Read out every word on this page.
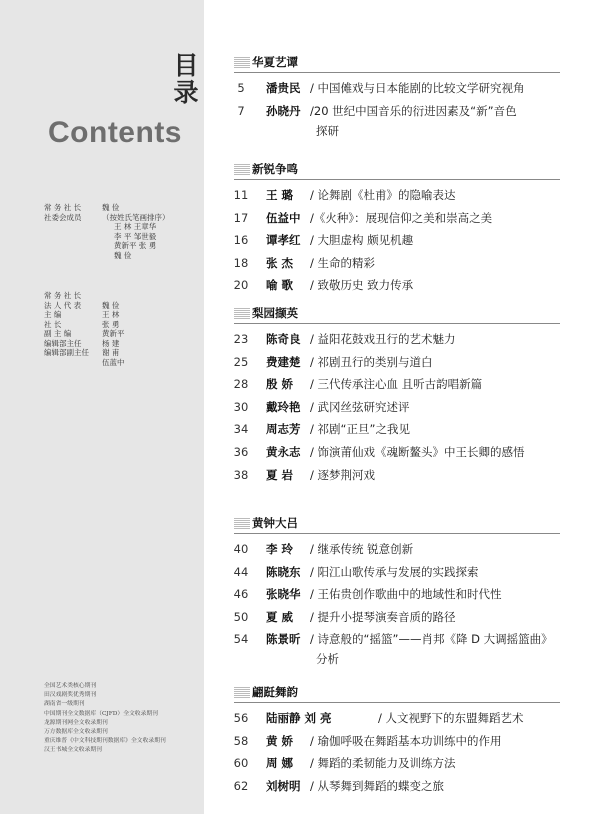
目录
Contents
常 务 社 长	魏 俭
社委会成员	（按姓氏笔画排序）
王 林 王章华
李 平 邹世毅
黄新平 张 勇
魏 俭
常 务 社 长
法 人 代 表	魏 俭
主 编	王 林
社 长	张 勇
副 主 编	黄新平
编辑部主任	杨 建
编辑部副主任 谢 甫
伍蓝中
全国艺术类核心期刊
田汉戏剧奖优秀期刊
湖南省一级期刊
中国期刊全文数据库（CJFD）全文收录期刊
龙源期刊网全文收录期刊
万方数据库全文收录期刊
重庆维普《中文科技期刊数据库》全文收录期刊
汉王书城全文收录期刊
华夏艺谭
5	潘贵民 / 中国傩戏与日本能剧的比较文学研究视角
7	孙晓丹 /20 世纪中国音乐的衍进因素及“新”音色
探研
新锐争鸣
11	王 璐 / 论舞剧《杜甫》的隐喻表达
17	伍益中 /《火种》：展现信仰之美和崇高之美
16	谭孝红 / 大胆虚构 颇见机趣
18	张 杰 / 生命的精彩
20	喻 歌 / 致敬历史 致力传承
梨园撷英
23	陈奇良 / 益阳花鼓戏丑行的艺术魅力
25	费建楚 / 祁剧丑行的类别与道白
28	殷 娇 / 三代传承注心血 且听古韵唱新篇
30	戴玲艳 / 武冈丝弦研究述评
34	周志芳 / 祁剧“正旦”之我见
36	黄永志 / 饰演莆仙戏《魂断鳌头》中王长卿的感悟
38	夏 岩 / 逐梦荆河戏
黄钟大吕
40	李 玲 / 继承传统 锐意创新
44	陈晓东 / 阳江山歌传承与发展的实践探索
46	张晓华 / 王佑贵创作歌曲中的地域性和时代性
50	夏 威 / 提升小提琴演奏音质的路径
54	陈景昕 / 诗意般的“摇篮”——肖邦《降 D 大调摇篮曲》
分析
翩跹舞韵
56	陆丽静 刘 亮	/ 人文视野下的东盟舞蹈艺术
58	黄 娇 / 瑜伽呼吸在舞蹈基本功训练中的作用
60	周 娜 / 舞蹈的柔韧能力及训练方法
62	刘树明 / 从琴舞到舞蹈的蝶变之旅
